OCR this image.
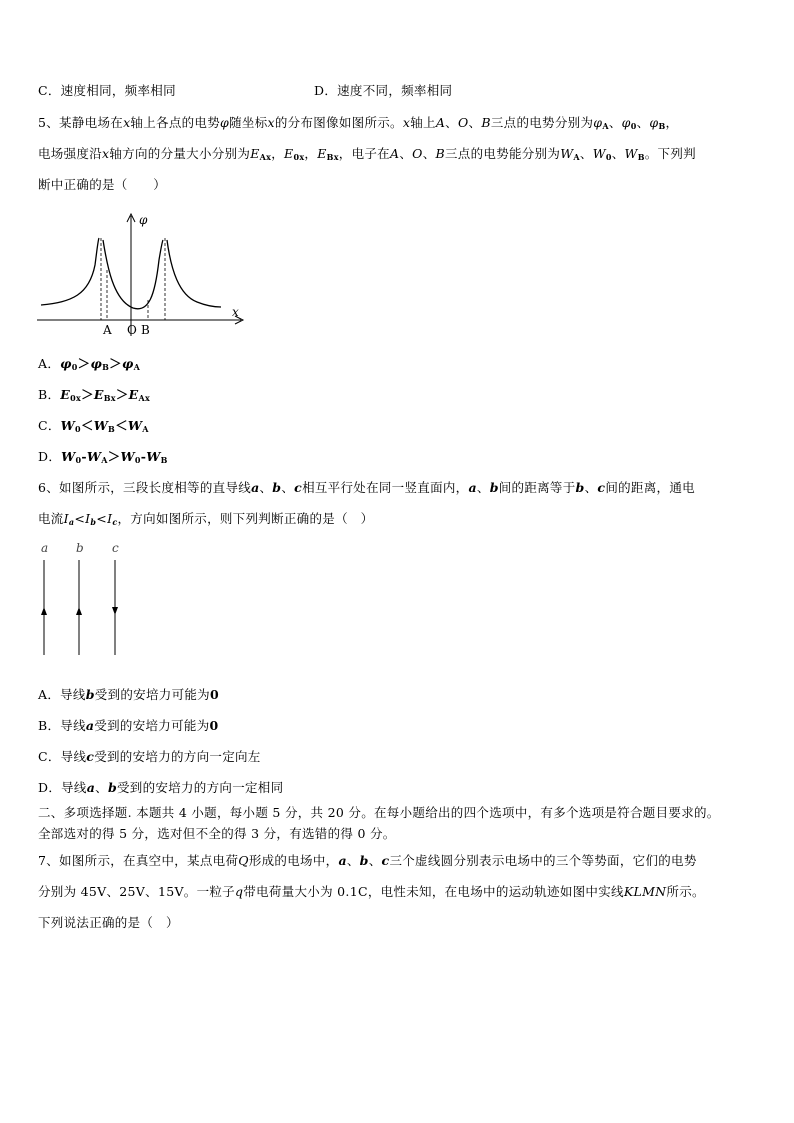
C．速度相同，频率相同	D．速度不同，频率相同
5、某静电场在x轴上各点的电势φ随坐标x的分布图像如图所示。x轴上A、O、B三点的电势分别为$\varphi_A$、$\varphi_0$、$\varphi_B$，
电场强度沿x轴方向的分量大小分别为$E_{Ax}$，$E_{0x}$，$E_{Bx}$，电子在A、O、B三点的电势能分别为$W_A$、$W_0$、$W_B$。下列判
断中正确的是（　　）
φ
x
A O B
A．$\varphi_0>\varphi_B>\varphi_A$
B．$E_{0x}>E_{Bx}>E_{Ax}$
C．$W_0<W_B<W_A$
D．$W_0-W_A>W_0-W_B$
6、如图所示，三段长度相等的直导线a、b、c相互平行处在同一竖直面内，a、b间的距离等于b、c间的距离，通电
电流$I_a<I_b<I_c$，方向如图所示，则下列判断正确的是（　）
a b c
A．导线b受到的安培力可能为0
B．导线a受到的安培力可能为0
C．导线c受到的安培力的方向一定向左
D．导线a、b受到的安培力的方向一定相同
二、多项选择题. 本题共 4 小题，每小题 5 分，共 20 分。在每小题给出的四个选项中，有多个选项是符合题目要求的。
全部选对的得 5 分，选对但不全的得 3 分，有选错的得 0 分。
7、如图所示，在真空中，某点电荷Q形成的电场中，a、b、c三个虚线圆分别表示电场中的三个等势面，它们的电势
分别为 45V、25V、15V。一粒子q带电荷量大小为 0.1C，电性未知，在电场中的运动轨迹如图中实线KLMN所示。
下列说法正确的是（　）
